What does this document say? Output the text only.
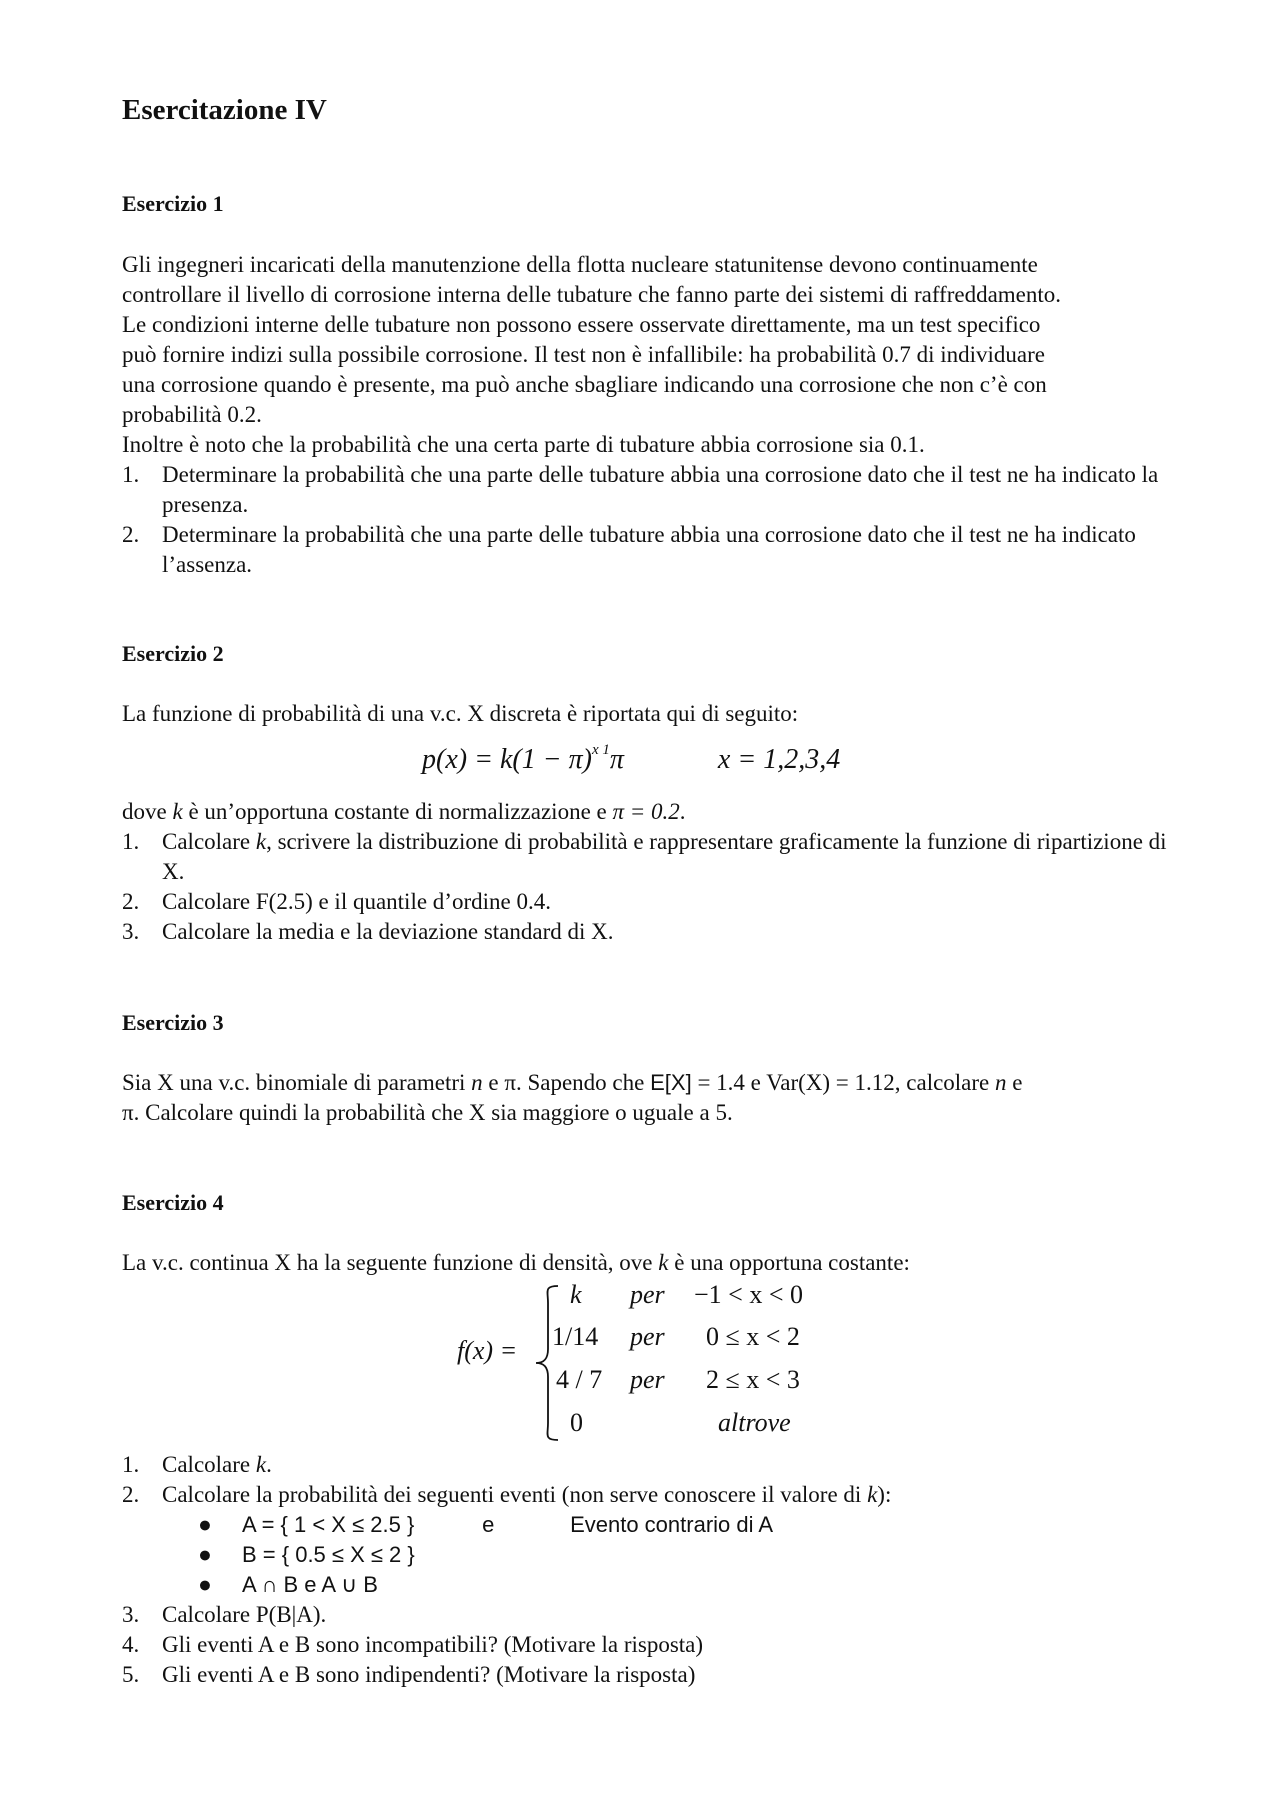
Esercitazione IV
Esercizio 1
Gli ingegneri incaricati della manutenzione della flotta nucleare statunitense devono continuamente
controllare il livello di corrosione interna delle tubature che fanno parte dei sistemi di raffreddamento.
Le condizioni interne delle tubature non possono essere osservate direttamente, ma un test specifico
può fornire indizi sulla possibile corrosione. Il test non è infallibile: ha probabilità 0.7 di individuare
una corrosione quando è presente, ma può anche sbagliare indicando una corrosione che non c’è con
probabilità 0.2.
Inoltre è noto che la probabilità che una certa parte di tubature abbia corrosione sia 0.1.
1. Determinare la probabilità che una parte delle tubature abbia una corrosione dato che il test ne ha indicato la presenza.
2. Determinare la probabilità che una parte delle tubature abbia una corrosione dato che il test ne ha indicato l’assenza.
Esercizio 2
La funzione di probabilità di una v.c. X discreta è riportata qui di seguito:
$p(x) = k(1 - \pi)^{x 1}\pi$	x = 1,2,3,4
dove k è un’opportuna costante di normalizzazione e π = 0.2.
1. Calcolare k, scrivere la distribuzione di probabilità e rappresentare graficamente la funzione di ripartizione di X.
2. Calcolare F(2.5) e il quantile d’ordine 0.4.
3. Calcolare la media e la deviazione standard di X.
Esercizio 3
Sia X una v.c. binomiale di parametri n e π. Sapendo che E[X] = 1.4 e Var(X) = 1.12, calcolare n e
π. Calcolare quindi la probabilità che X sia maggiore o uguale a 5.
Esercizio 4
La v.c. continua X ha la seguente funzione di densità, ove k è una opportuna costante:
f(x) =
k per −1 < x < 0
1/14 per 0 ≤ x < 2
4 / 7 per 2 ≤ x < 3
0	altrove
1. Calcolare k.
2. Calcolare la probabilità dei seguenti eventi (non serve conoscere il valore di k):
● A = { 1 < X ≤ 2.5 }	e	Evento contrario di A
● B = { 0.5 ≤ X ≤ 2 }
● A ∩ B e A ∪ B
3. Calcolare P(B|A).
4. Gli eventi A e B sono incompatibili? (Motivare la risposta)
5. Gli eventi A e B sono indipendenti? (Motivare la risposta)
